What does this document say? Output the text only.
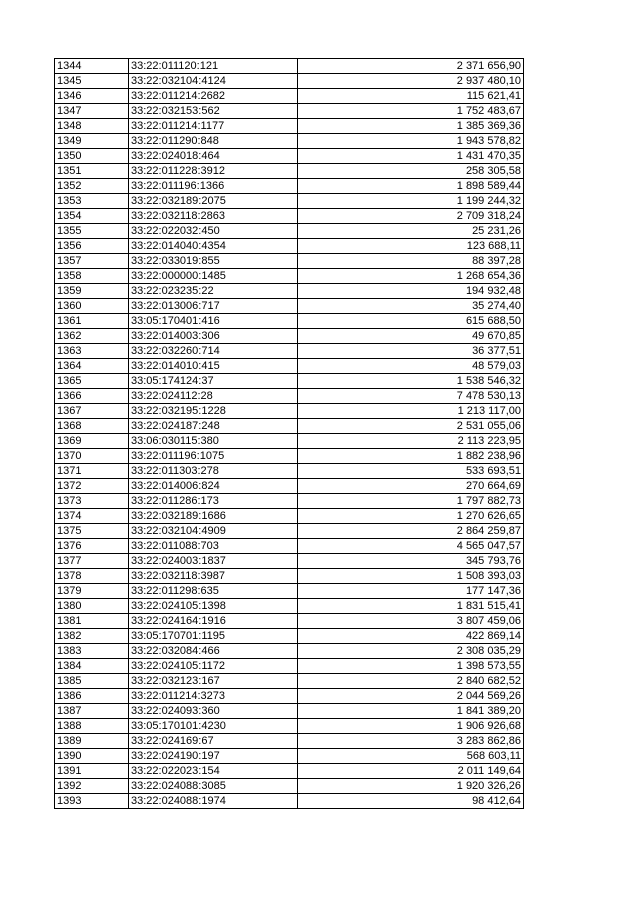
1344	33:22:011120:121	2 371 656,90
1345	33:22:032104:4124	2 937 480,10
1346	33:22:011214:2682	115 621,41
1347	33:22:032153:562	1 752 483,67
1348	33:22:011214:1177	1 385 369,36
1349	33:22:011290:848	1 943 578,82
1350	33:22:024018:464	1 431 470,35
1351	33:22:011228:3912	258 305,58
1352	33:22:011196:1366	1 898 589,44
1353	33:22:032189:2075	1 199 244,32
1354	33:22:032118:2863	2 709 318,24
1355	33:22:022032:450	25 231,26
1356	33:22:014040:4354	123 688,11
1357	33:22:033019:855	88 397,28
1358	33:22:000000:1485	1 268 654,36
1359	33:22:023235:22	194 932,48
1360	33:22:013006:717	35 274,40
1361	33:05:170401:416	615 688,50
1362	33:22:014003:306	49 670,85
1363	33:22:032260:714	36 377,51
1364	33:22:014010:415	48 579,03
1365	33:05:174124:37	1 538 546,32
1366	33:22:024112:28	7 478 530,13
1367	33:22:032195:1228	1 213 117,00
1368	33:22:024187:248	2 531 055,06
1369	33:06:030115:380	2 113 223,95
1370	33:22:011196:1075	1 882 238,96
1371	33:22:011303:278	533 693,51
1372	33:22:014006:824	270 664,69
1373	33:22:011286:173	1 797 882,73
1374	33:22:032189:1686	1 270 626,65
1375	33:22:032104:4909	2 864 259,87
1376	33:22:011088:703	4 565 047,57
1377	33:22:024003:1837	345 793,76
1378	33:22:032118:3987	1 508 393,03
1379	33:22:011298:635	177 147,36
1380	33:22:024105:1398	1 831 515,41
1381	33:22:024164:1916	3 807 459,06
1382	33:05:170701:1195	422 869,14
1383	33:22:032084:466	2 308 035,29
1384	33:22:024105:1172	1 398 573,55
1385	33:22:032123:167	2 840 682,52
1386	33:22:011214:3273	2 044 569,26
1387	33:22:024093:360	1 841 389,20
1388	33:05:170101:4230	1 906 926,68
1389	33:22:024169:67	3 283 862,86
1390	33:22:024190:197	568 603,11
1391	33:22:022023:154	2 011 149,64
1392	33:22:024088:3085	1 920 326,26
1393	33:22:024088:1974	98 412,64
